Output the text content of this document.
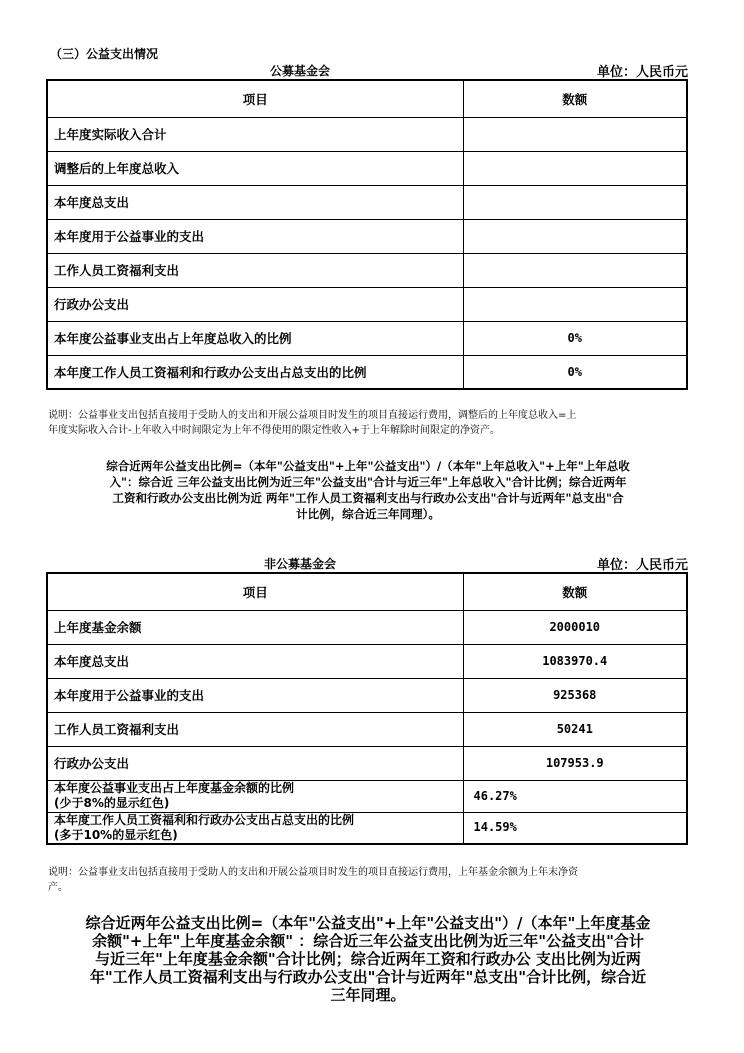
（三）公益支出情况
公募基金会	单位：人民币元
项目	数额
上年度实际收入合计	
调整后的上年度总收入	
本年度总支出	
本年度用于公益事业的支出	
工作人员工资福利支出	
行政办公支出	
本年度公益事业支出占上年度总收入的比例	0%
本年度工作人员工资福利和行政办公支出占总支出的比例	0%
说明：公益事业支出包括直接用于受助人的支出和开展公益项目时发生的项目直接运行费用，调整后的上年度总收入=上
年度实际收入合计-上年收入中时间限定为上年不得使用的限定性收入+于上年解除时间限定的净资产。
综合近两年公益支出比例=（本年"公益支出"+上年"公益支出"）/（本年"上年总收入"+上年"上年总收
入"：综合近 三年公益支出比例为近三年"公益支出"合计与近三年"上年总收入"合计比例；综合近两年
工资和行政办公支出比例为近 两年"工作人员工资福利支出与行政办公支出"合计与近两年"总支出"合
计比例，综合近三年同理）。
非公募基金会	单位：人民币元
项目	数额
上年度基金余额	2000010
本年度总支出	1083970.4
本年度用于公益事业的支出	925368
工作人员工资福利支出	50241
行政办公支出	107953.9

本年度公益事业支出占上年度基金余额的比例
(少于8%的显示红色)	46.27%

本年度工作人员工资福利和行政办公支出占总支出的比例
(多于10%的显示红色)	14.59%
说明：公益事业支出包括直接用于受助人的支出和开展公益项目时发生的项目直接运行费用，上年基金余额为上年末净资
产。
综合近两年公益支出比例=（本年"公益支出"+上年"公益支出"）/（本年"上年度基金
余额"+上年"上年度基金余额" ：综合近三年公益支出比例为近三年"公益支出"合计
与近三年"上年度基金余额"合计比例；综合近两年工资和行政办公 支出比例为近两
年"工作人员工资福利支出与行政办公支出"合计与近两年"总支出"合计比例，综合近
三年同理。
